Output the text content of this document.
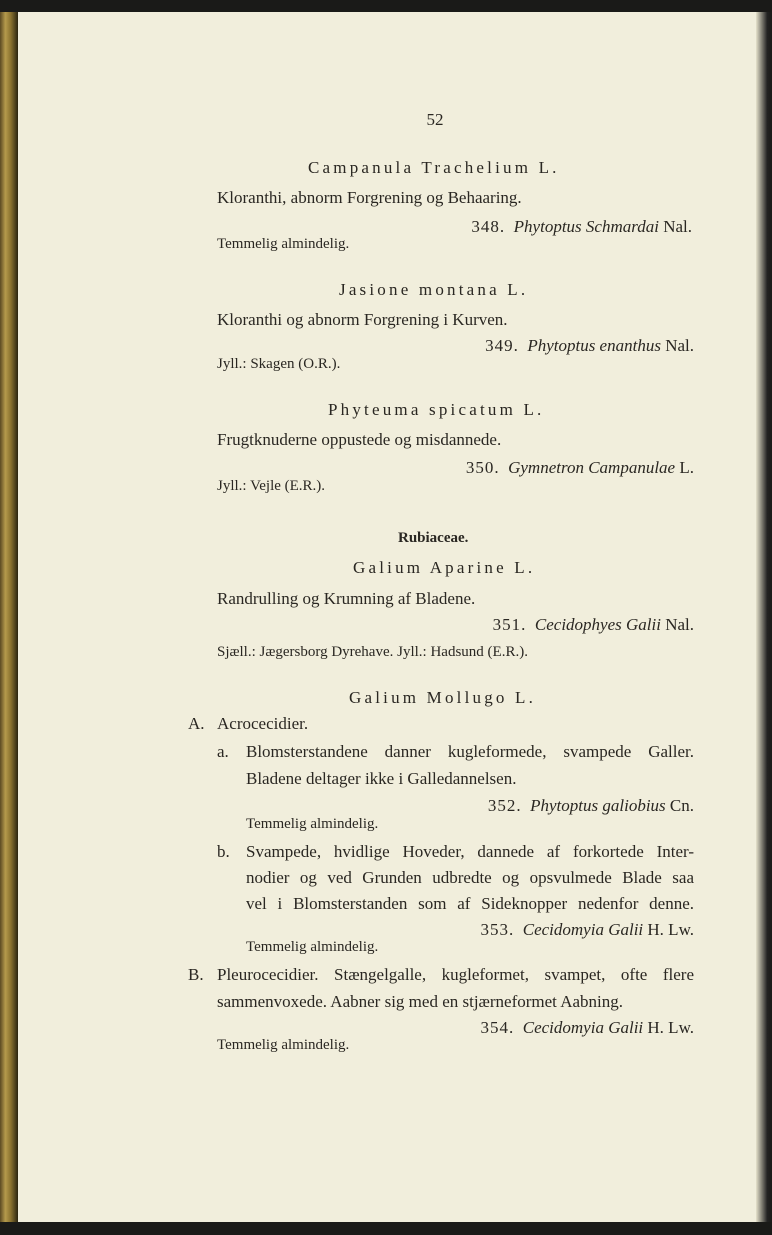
52
Campanula Trachelium L.
Kloranthi, abnorm Forgrening og Behaaring.
348. Phytoptus Schmardai Nal.
Temmelig almindelig.
Jasione montana L.
Kloranthi og abnorm Forgrening i Kurven.
349. Phytoptus enanthus Nal.
Jyll.: Skagen (O.R.).
Phyteuma spicatum L.
Frugtknuderne oppustede og misdannede.
350. Gymnetron Campanulae L.
Jyll.: Vejle (E.R.).
Rubiaceae.
Galium Aparine L.
Randrulling og Krumning af Bladene.
351. Cecidophyes Galii Nal.
Sjæll.: Jægersborg Dyrehave. Jyll.: Hadsund (E.R.).
Galium Mollugo L.
A. Acrocecidier.
a. Blomsterstandene danner kugleformede, svampede Galler.
Bladene deltager ikke i Galledannelsen.
352. Phytoptus galiobius Cn.
Temmelig almindelig.
b. Svampede, hvidlige Hoveder, dannede af forkortede Inter-
nodier og ved Grunden udbredte og opsvulmede Blade saa
vel i Blomsterstanden som af Sideknopper nedenfor denne.
353. Cecidomyia Galii H. Lw.
Temmelig almindelig.
B. Pleurocecidier. Stængelgalle, kugleformet, svampet, ofte flere
sammenvoxede. Aabner sig med en stjærneformet Aabning.
354. Cecidomyia Galii H. Lw.
Temmelig almindelig.
